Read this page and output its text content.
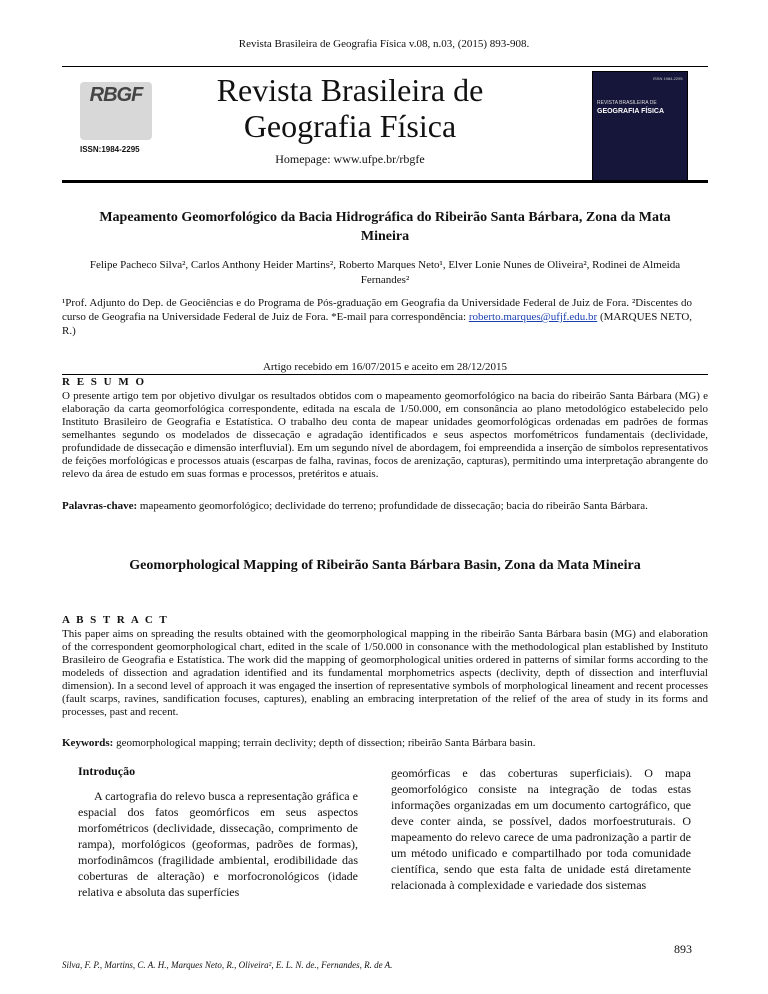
Revista Brasileira de Geografia Física v.08, n.03, (2015) 893-908.
RBGF
ISSN:1984-2295
Revista Brasileira de Geografia Física
Homepage: www.ufpe.br/rbgfe
ISSN 1984-2295
REVISTA BRASILEIRA DE
GEOGRAFIA FÍSICA
Mapeamento Geomorfológico da Bacia Hidrográfica do Ribeirão Santa Bárbara, Zona da Mata Mineira
Felipe Pacheco Silva², Carlos Anthony Heider Martins², Roberto Marques Neto¹, Elver Lonie Nunes de Oliveira², Rodinei de Almeida Fernandes²
¹Prof. Adjunto do Dep. de Geociências e do Programa de Pós-graduação em Geografia da Universidade Federal de Juiz de Fora. ²Discentes do curso de Geografia na Universidade Federal de Juiz de Fora. *E-mail para correspondência: roberto.marques@ufjf.edu.br (MARQUES NETO, R.)
Artigo recebido em 16/07/2015 e aceito em 28/12/2015
R E S U M O
O presente artigo tem por objetivo divulgar os resultados obtidos com o mapeamento geomorfológico na bacia do ribeirão Santa Bárbara (MG) e elaboração da carta geomorfológica correspondente, editada na escala de 1/50.000, em consonância ao plano metodológico estabelecido pelo Instituto Brasileiro de Geografia e Estatística. O trabalho deu conta de mapear unidades geomorfológicas ordenadas em padrões de formas semelhantes segundo os modelados de dissecação e agradação identificados e seus aspectos morfométricos fundamentais (declividade, profundidade de dissecação e dimensão interfluvial). Em um segundo nível de abordagem, foi empreendida a inserção de símbolos representativos de feições morfológicas e processos atuais (escarpas de falha, ravinas, focos de arenização, capturas), permitindo uma interpretação abrangente do relevo da área de estudo em suas formas e processos, pretéritos e atuais.
Palavras-chave: mapeamento geomorfológico; declividade do terreno; profundidade de dissecação; bacia do ribeirão Santa Bárbara.
Geomorphological Mapping of Ribeirão Santa Bárbara Basin, Zona da Mata Mineira
A B S T R A C T
This paper aims on spreading the results obtained with the geomorphological mapping in the ribeirão Santa Bárbara basin (MG) and elaboration of the correspondent geomorphological chart, edited in the scale of 1/50.000 in consonance with the methodological plan established by Instituto Brasileiro de Geografia e Estatística. The work did the mapping of geomorphological unities ordered in patterns of similar forms according to the modeleds of dissection and agradation identified and its fundamental morphometrics aspects (declivity, depth of dissection and interfluvial dimension). In a second level of approach it was engaged the insertion of representative symbols of morphological lineament and recent processes (fault scarps, ravines, sandification focuses, captures), enabling an embracing interpretation of the relief of the area of study in its forms and processes, past and recent.
Keywords: geomorphological mapping; terrain declivity; depth of dissection; ribeirão Santa Bárbara basin.
Introdução
A cartografia do relevo busca a representação gráfica e espacial dos fatos geomórficos em seus aspectos morfométricos (declividade, dissecação, comprimento de rampa), morfológicos (geoformas, padrões de formas), morfodinâmcos (fragilidade ambiental, erodibilidade das coberturas de alteração) e morfocronológicos (idade relativa e absoluta das superfícies
geomórficas e das coberturas superficiais). O mapa geomorfológico consiste na integração de todas estas informações organizadas em um documento cartográfico, que deve conter ainda, se possível, dados morfoestruturais. O mapeamento do relevo carece de uma padronização a partir de um método unificado e compartilhado por toda comunidade científica, sendo que esta falta de unidade está diretamente relacionada à complexidade e variedade dos sistemas
893
Silva, F. P., Martins, C. A. H., Marques Neto, R., Oliveira², E. L. N. de., Fernandes, R. de A.
